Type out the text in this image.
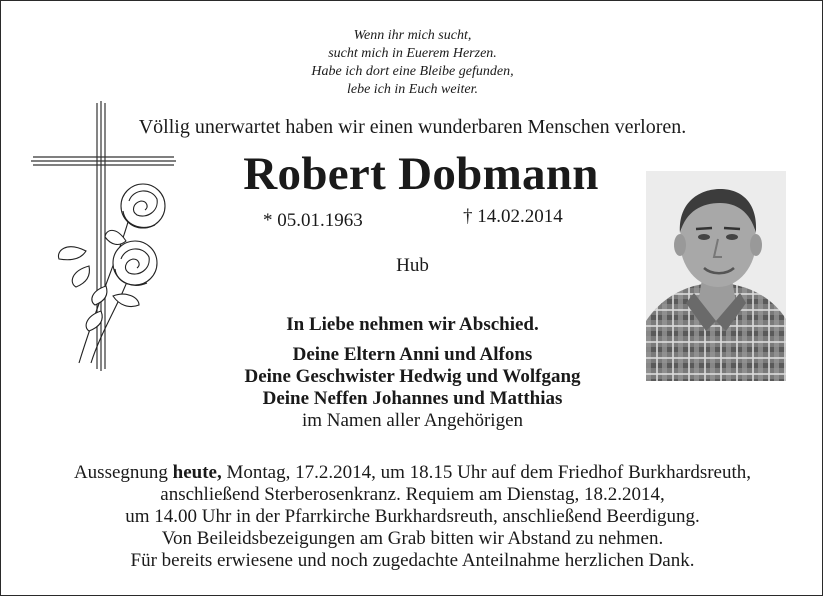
Wenn ihr mich sucht,
sucht mich in Euerem Herzen.
Habe ich dort eine Bleibe gefunden,
lebe ich in Euch weiter.
Völlig unerwartet haben wir einen wunderbaren Menschen verloren.
Robert Dobmann
* 05.01.1963	† 14.02.2014
Hub
In Liebe nehmen wir Abschied.
Deine Eltern Anni und Alfons
Deine Geschwister Hedwig und Wolfgang
Deine Neffen Johannes und Matthias
im Namen aller Angehörigen
Aussegnung heute, Montag, 17.2.2014, um 18.15 Uhr auf dem Friedhof Burkhardsreuth,
anschließend Sterberosenkranz. Requiem am Dienstag, 18.2.2014,
um 14.00 Uhr in der Pfarrkirche Burkhardsreuth, anschließend Beerdigung.
Von Beileidsbezeigungen am Grab bitten wir Abstand zu nehmen.
Für bereits erwiesene und noch zugedachte Anteilnahme herzlichen Dank.
